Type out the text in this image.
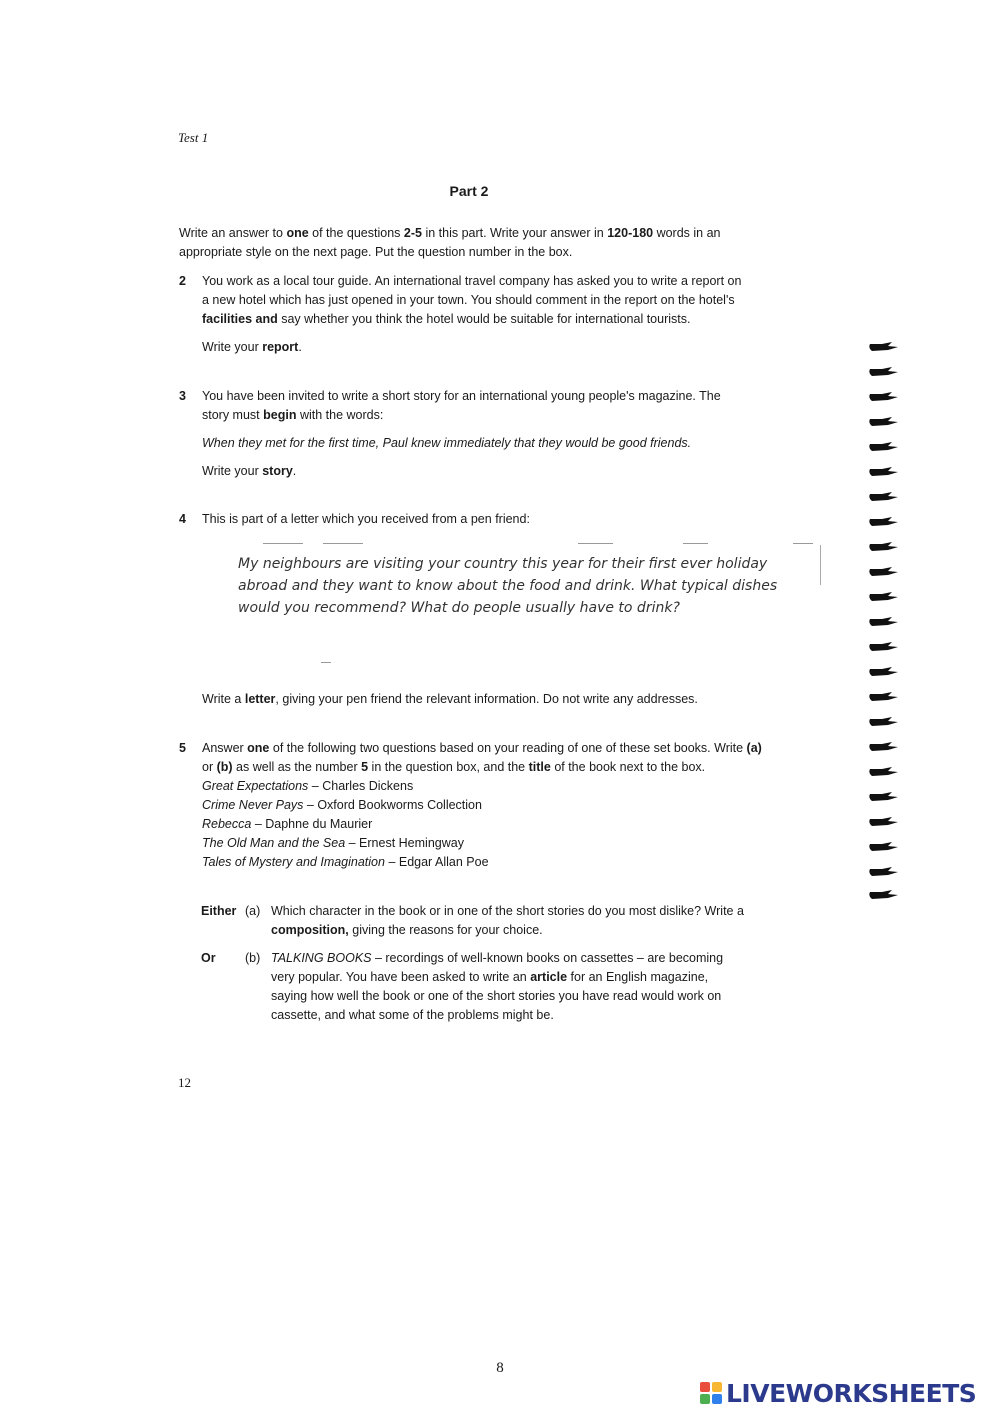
Test 1
Part 2
Write an answer to one of the questions 2-5 in this part. Write your answer in 120-180 words in an appropriate style on the next page. Put the question number in the box.
2 You work as a local tour guide. An international travel company has asked you to write a report on a new hotel which has just opened in your town. You should comment in the report on the hotel's facilities and say whether you think the hotel would be suitable for international tourists.

Write your report.

3 You have been invited to write a short story for an international young people's magazine. The story must begin with the words:

When they met for the first time, Paul knew immediately that they would be good friends.

Write your story.

4 This is part of a letter which you received from a pen friend:

My neighbours are visiting your country this year for their first ever holiday abroad and they want to know about the food and drink. What typical dishes would you recommend? What do people usually have to drink?

Write a letter, giving your pen friend the relevant information. Do not write any addresses.

5 Answer one of the following two questions based on your reading of one of these set books. Write (a) or (b) as well as the number 5 in the question box, and the title of the book next to the box.

Great Expectations – Charles Dickens

Crime Never Pays – Oxford Bookworms Collection

Rebecca – Daphne du Maurier

The Old Man and the Sea – Ernest Hemingway

Tales of Mystery and Imagination – Edgar Allan Poe

Either (a) Which character in the book or in one of the short stories do you most dislike? Write a composition, giving the reasons for your choice.
Or (b) TALKING BOOKS – recordings of well-known books on cassettes – are becoming very popular. You have been asked to write an article for an English magazine, saying how well the book or one of the short stories you have read would work on cassette, and what some of the problems might be.
12
8
LIVEWORKSHEETS
